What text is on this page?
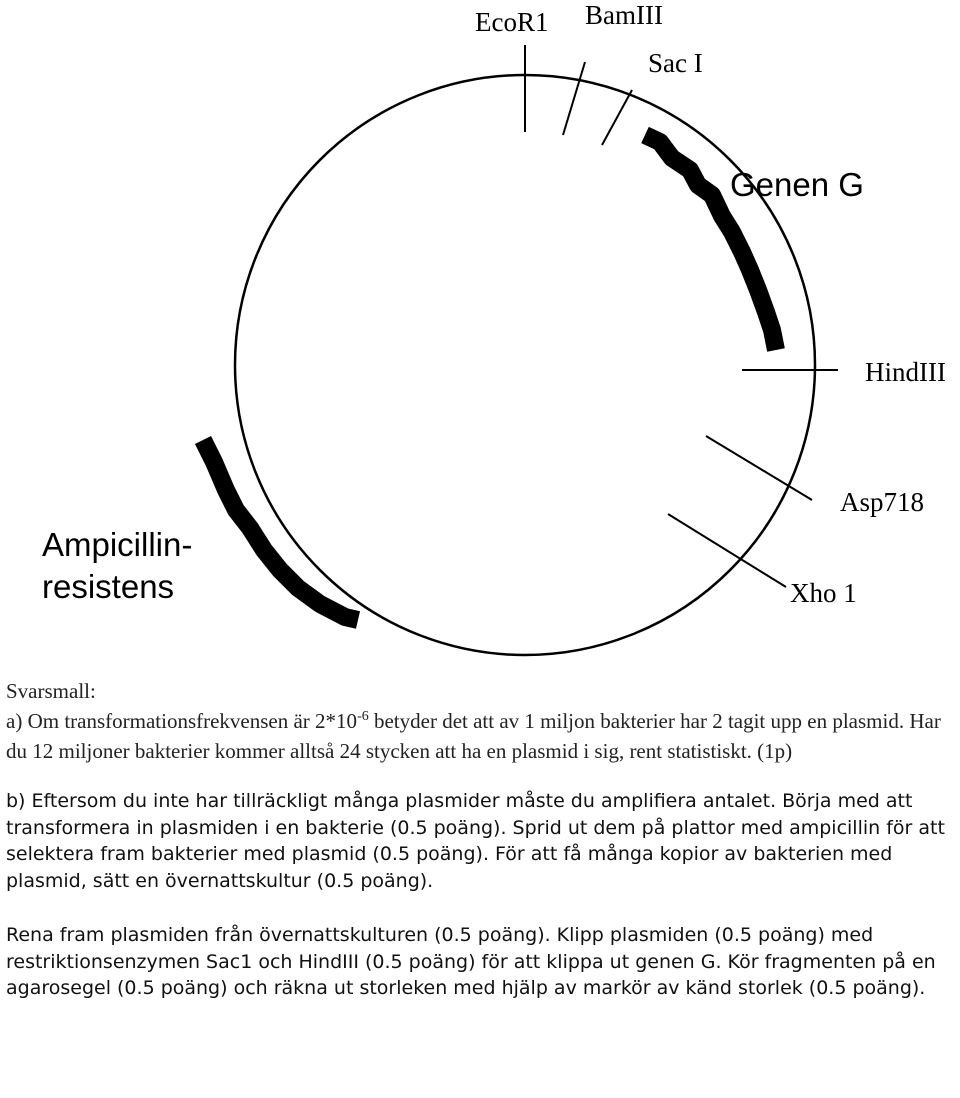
EcoR1 BamIII
Sac I
Genen G
HindIII
Asp718
Xho 1
Ampicillin-
resistens

Svarsmall:

a) Om transformationsfrekvensen är $2*10^{-6}$ betyder det att av 1 miljon bakterier har 2 tagit upp en plasmid. Har du 12 miljoner bakterier kommer alltså 24 stycken att ha en plasmid i sig, rent statistiskt. (1p)

b) Eftersom du inte har tillräckligt många plasmider måste du amplifiera antalet. Börja med att transformera in plasmiden i en bakterie (0.5 poäng). Sprid ut dem på plattor med ampicillin för att selektera fram bakterier med plasmid (0.5 poäng). För att få många kopior av bakterien med plasmid, sätt en övernattskultur (0.5 poäng).

Rena fram plasmiden från övernattskulturen (0.5 poäng). Klipp plasmiden (0.5 poäng) med restriktionsenzymen Sac1 och HindIII (0.5 poäng) för att klippa ut genen G. Kör fragmenten på en agarosegel (0.5 poäng) och räkna ut storleken med hjälp av markör av känd storlek (0.5 poäng).
